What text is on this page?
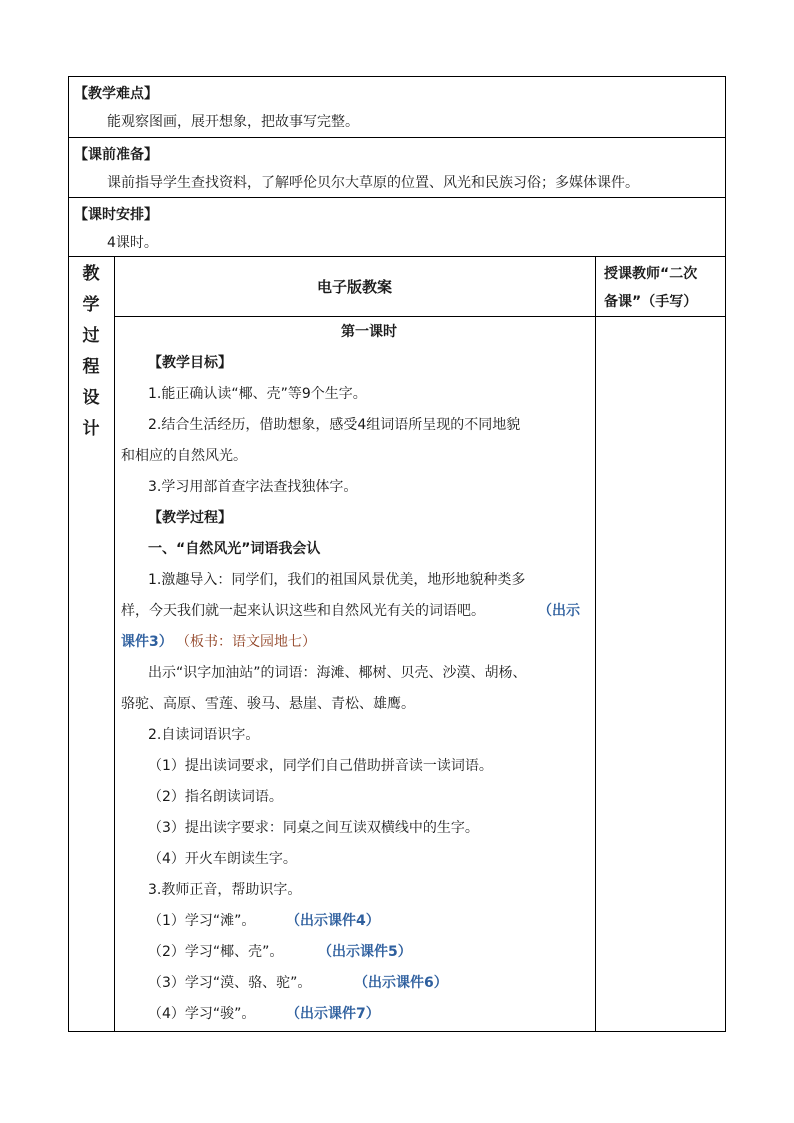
【教学难点】
能观察图画，展开想象，把故事写完整。
【课前准备】
课前指导学生查找资料，了解呼伦贝尔大草原的位置、风光和民族习俗；多媒体课件。
【课时安排】
4课时。
教
学
过
程
设
计
电子版教案
授课教师“二次
备课”（手写）
第一课时
【教学目标】
1.能正确认读“椰、壳”等9个生字。
2.结合生活经历，借助想象，感受4组词语所呈现的不同地貌
和相应的自然风光。
3.学习用部首查字法查找独体字。
【教学过程】
一、“自然风光”词语我会认
1.激趣导入：同学们，我们的祖国风景优美，地形地貌种类多
样，今天我们就一起来认识这些和自然风光有关的词语吧。	（出示
课件3） （板书：语文园地七）
出示“识字加油站”的词语：海滩、椰树、贝壳、沙漠、胡杨、
骆驼、高原、雪莲、骏马、悬崖、青松、雄鹰。
2.自读词语识字。
（1）提出读词要求，同学们自己借助拼音读一读词语。
（2）指名朗读词语。
（3）提出读字要求：同桌之间互读双横线中的生字。
（4）开火车朗读生字。
3.教师正音，帮助识字。
（1）学习“滩”。 （出示课件4）
（2）学习“椰、壳”。 （出示课件5）
（3）学习“漠、骆、驼”。	（出示课件6）
（4）学习“骏”。 （出示课件7）
